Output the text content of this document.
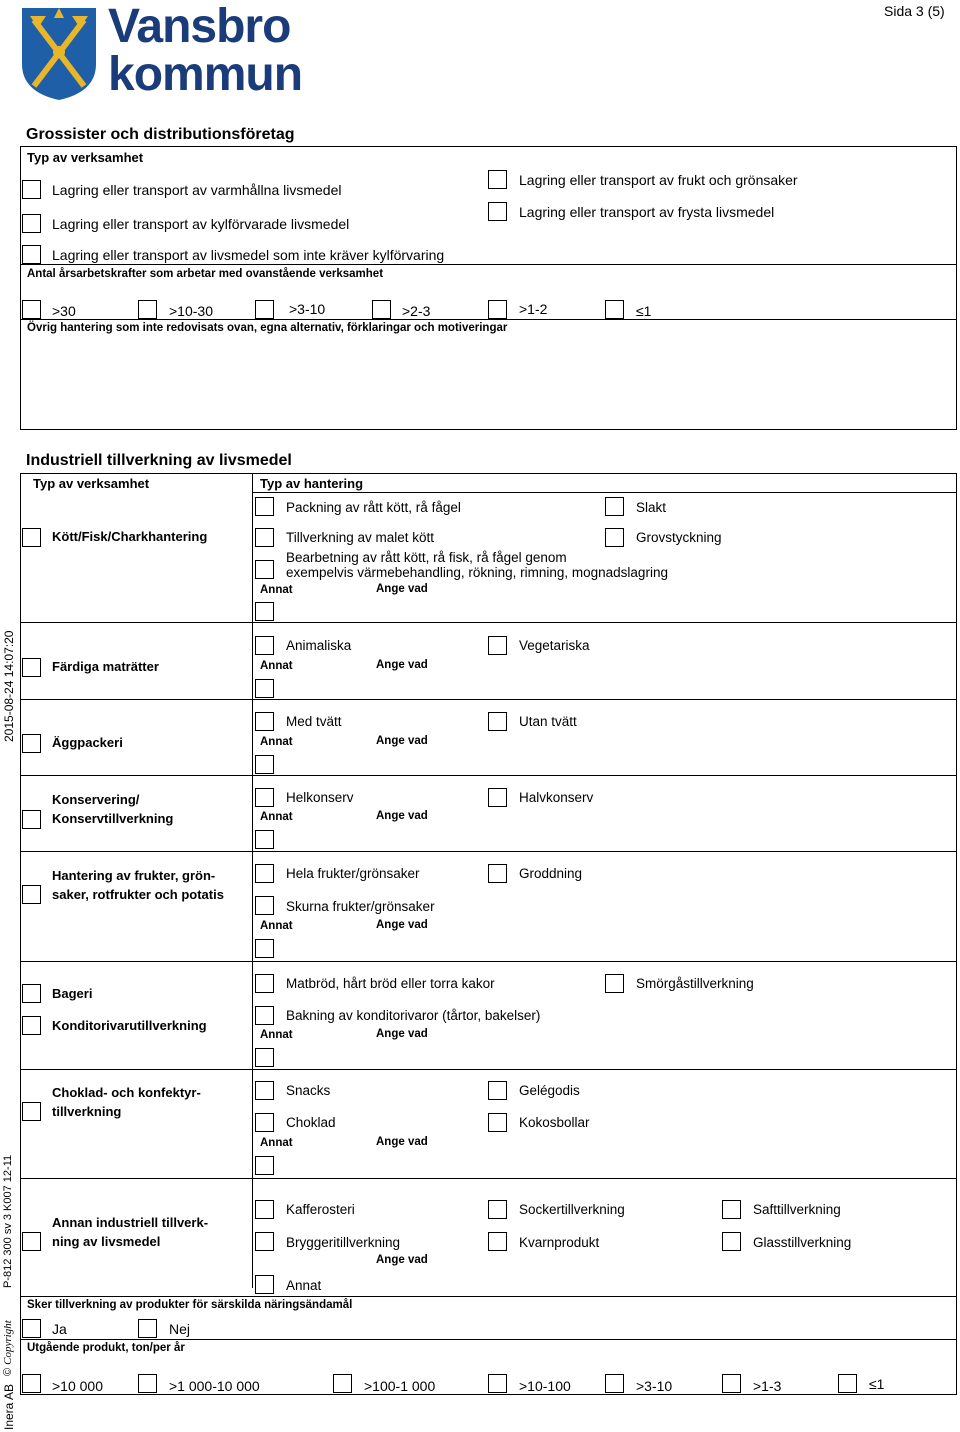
Vansbro
kommun
Sida 3 (5)
2015-08-24 14:07:20
P-812 300 sv 3 K007 12-11
© Copyright
Inera AB
Grossister och distributionsföretag
Typ av verksamhet
Lagring eller transport av varmhållna livsmedel
Lagring eller transport av kylförvarade livsmedel
Lagring eller transport av frukt och grönsaker
Lagring eller transport av frysta livsmedel
Lagring eller transport av livsmedel som inte kräver kylförvaring
Antal årsarbetskrafter som arbetar med ovanstående verksamhet
>30	>10-30	>3-10	>2-3	>1-2	≤1
Övrig hantering som inte redovisats ovan, egna alternativ, förklaringar och motiveringar
Industriell tillverkning av livsmedel
Typ av verksamhet	Typ av hantering
Kött/Fisk/Charkhantering
Packning av rått kött, rå fågel	Slakt
Tillverkning av malet kött	Grovstyckning
Bearbetning av rått kött, rå fisk, rå fågel genom
exempelvis värmebehandling, rökning, rimning, mognadslagring
Annat	Ange vad
Färdiga maträtter
Animaliska	Vegetariska
Annat	Ange vad
Äggpackeri
Med tvätt	Utan tvätt
Annat	Ange vad
Konservering/
Konservtillverkning
Helkonserv	Halvkonserv
Annat	Ange vad
Hantering av frukter, grön-
saker, rotfrukter och potatis
Hela frukter/grönsaker	Groddning
Skurna frukter/grönsaker
Annat	Ange vad
Bageri
Konditorivarutillverkning
Matbröd, hårt bröd eller torra kakor	Smörgåstillverkning
Bakning av konditorivaror (tårtor, bakelser)
Annat	Ange vad
Choklad- och konfektyr-
tillverkning
Snacks	Gelégodis
Choklad	Kokosbollar
Annat	Ange vad
Annan industriell tillverk-
ning av livsmedel
Kafferosteri	Sockertillverkning	Safttillverkning
Bryggeritillverkning	Kvarnprodukt	Glasstillverkning
Ange vad
Annat
Sker tillverkning av produkter för särskilda näringsändamål
Ja	Nej
Utgående produkt, ton/per år
>10 000	>1 000-10 000	>100-1 000	>10-100	>3-10	>1-3	≤1
